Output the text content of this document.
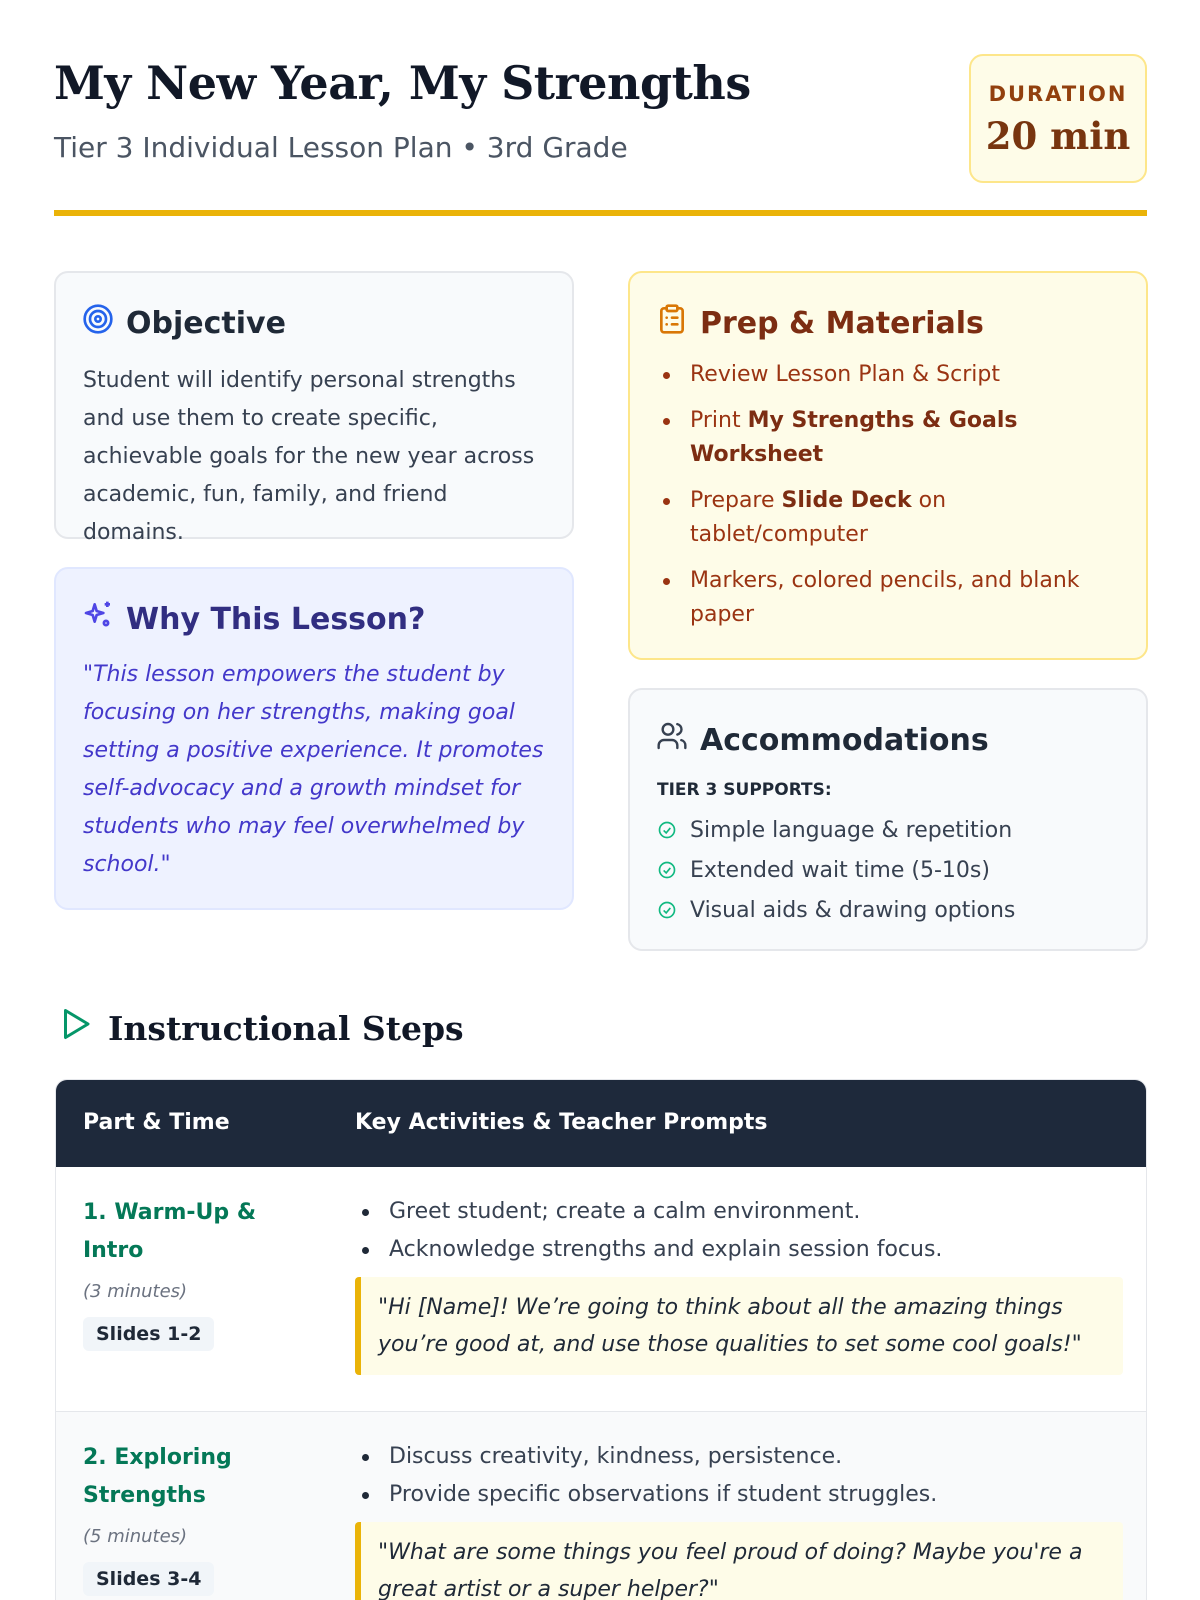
My New Year, My Strengths
Tier 3 Individual Lesson Plan • 3rd Grade
DURATION
20 min
Objective
Student will identify personal strengths and use them to create specific, achievable goals for the new year across academic, fun, family, and friend domains.
Why This Lesson?
"This lesson empowers the student by focusing on her strengths, making goal setting a positive experience. It promotes self-advocacy and a growth mindset for students who may feel overwhelmed by school."
Prep & Materials
Review Lesson Plan & Script
Print My Strengths & Goals Worksheet
Prepare Slide Deck on tablet/computer
Markers, colored pencils, and blank paper
Accommodations
TIER 3 SUPPORTS:
Simple language & repetition
Extended wait time (5-10s)
Visual aids & drawing options
Instructional Steps
Part & Time	Key Activities & Teacher Prompts
1. Warm-Up & Intro
(3 minutes)
Slides 1-2
Greet student; create a calm environment.
Acknowledge strengths and explain session focus.
"Hi [Name]! We’re going to think about all the amazing things you’re good at, and use those qualities to set some cool goals!"
2. Exploring Strengths
(5 minutes)
Slides 3-4
Discuss creativity, kindness, persistence.
Provide specific observations if student struggles.
"What are some things you feel proud of doing? Maybe you're a great artist or a super helper?"
